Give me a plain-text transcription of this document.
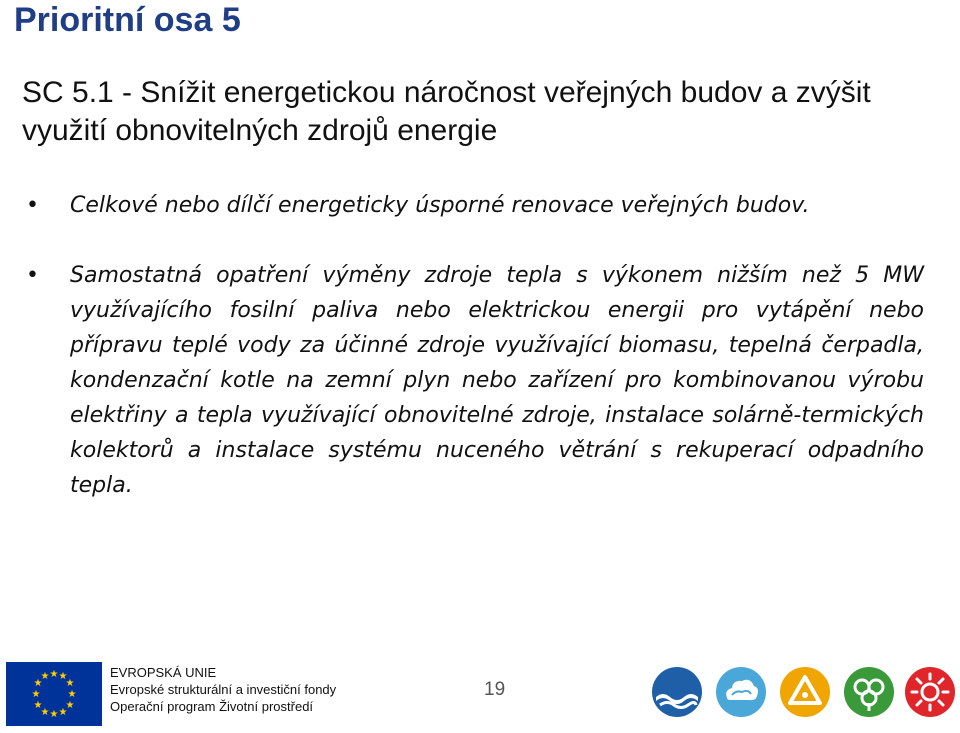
Prioritní osa 5
SC 5.1 - Snížit energetickou náročnost veřejných budov a zvýšit využití obnovitelných zdrojů energie
• Celkové nebo dílčí energeticky úsporné renovace veřejných budov.
• Samostatná opatření výměny zdroje tepla s výkonem nižším než 5 MW využívajícího fosilní paliva nebo elektrickou energii pro vytápění nebo přípravu teplé vody za účinné zdroje využívající biomasu, tepelná čerpadla, kondenzační kotle na zemní plyn nebo zařízení pro kombinovanou výrobu elektřiny a tepla využívající obnovitelné zdroje, instalace solárně-termických kolektorů a instalace systému nuceného větrání s rekuperací odpadního tepla.
★ ★
★
★
★
★
★
★
★
★
★
★	EVROPSKÁ UNIE
Evropské strukturální a investiční fondy
Operační program Životní prostředí
19
